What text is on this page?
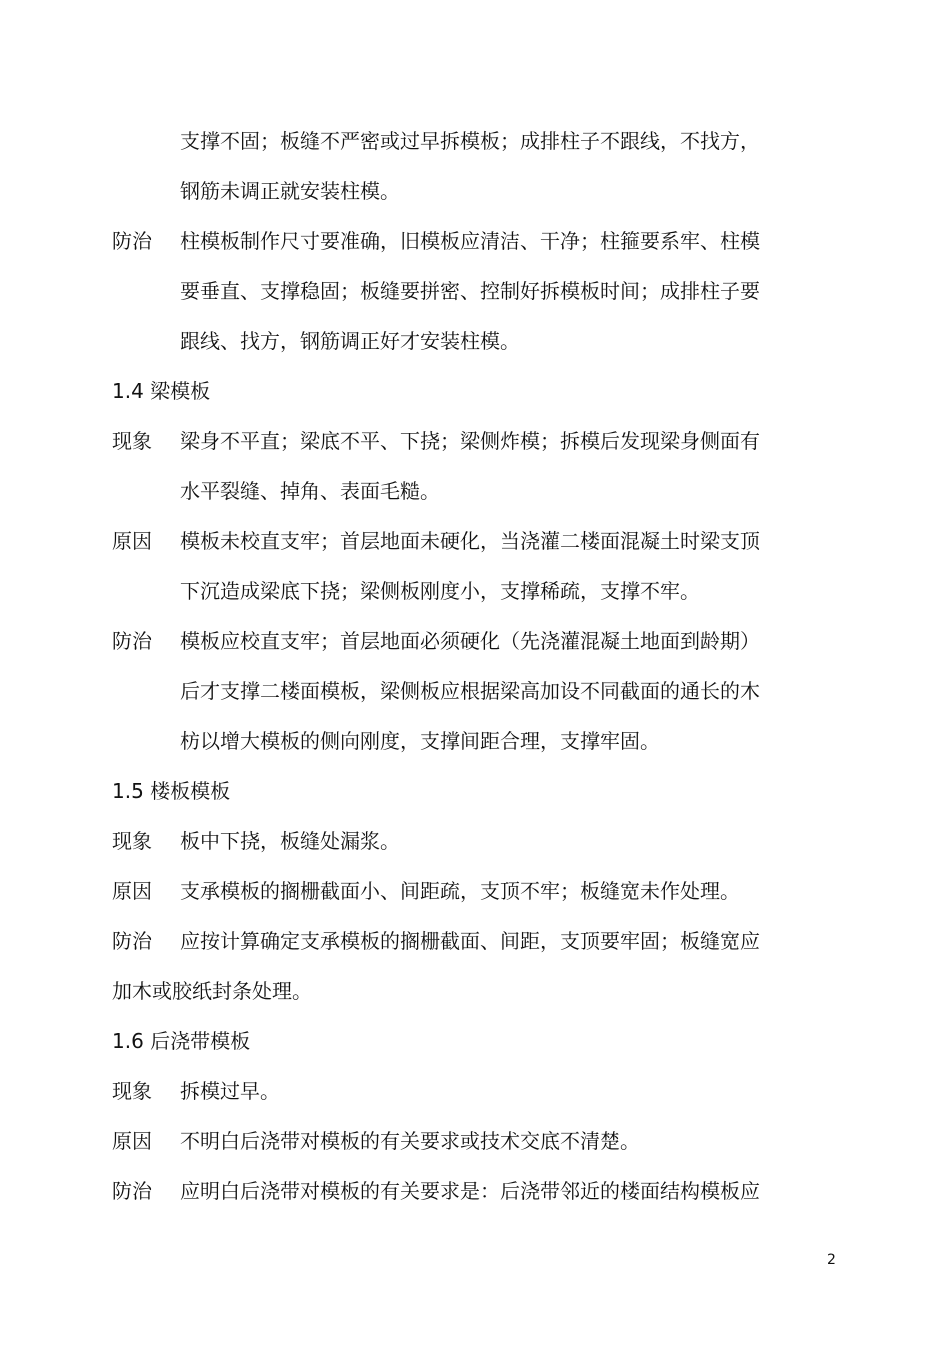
支撑不固；板缝不严密或过早拆模板；成排柱子不跟线，不找方，
钢筋未调正就安装柱模。
防治 柱模板制作尺寸要准确，旧模板应清洁、干净；柱箍要系牢、柱模
要垂直、支撑稳固；板缝要拼密、控制好拆模板时间；成排柱子要
跟线、找方，钢筋调正好才安装柱模。
1.4 梁模板
现象 梁身不平直；梁底不平、下挠；梁侧炸模；拆模后发现梁身侧面有
水平裂缝、掉角、表面毛糙。
原因 模板未校直支牢；首层地面未硬化，当浇灌二楼面混凝土时梁支顶
下沉造成梁底下挠；梁侧板刚度小，支撑稀疏，支撑不牢。
防治 模板应校直支牢；首层地面必须硬化（先浇灌混凝土地面到龄期）
后才支撑二楼面模板，梁侧板应根据梁高加设不同截面的通长的木
枋以增大模板的侧向刚度，支撑间距合理，支撑牢固。
1.5 楼板模板
现象 板中下挠，板缝处漏浆。
原因 支承模板的搁栅截面小、间距疏，支顶不牢；板缝宽未作处理。
防治 应按计算确定支承模板的搁栅截面、间距，支顶要牢固；板缝宽应
加木或胶纸封条处理。
1.6 后浇带模板
现象 拆模过早。
原因 不明白后浇带对模板的有关要求或技术交底不清楚。
防治 应明白后浇带对模板的有关要求是：后浇带邻近的楼面结构模板应
2
